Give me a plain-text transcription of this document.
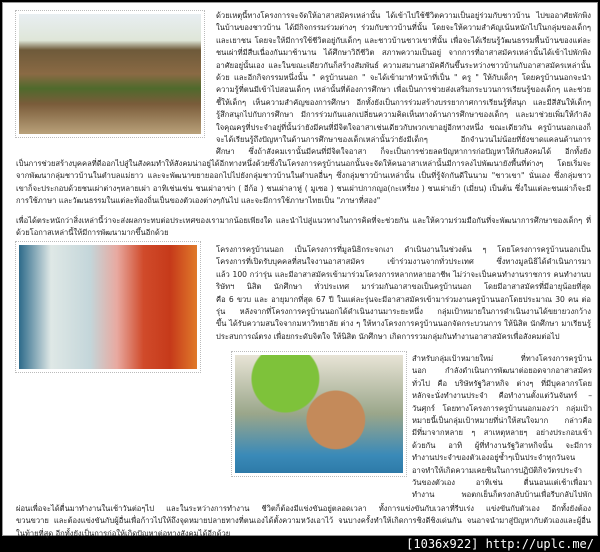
ด้วยเหตุนี้ทางโครงการจะจัดให้อาสาสมัครเหล่านั้น ได้เข้าไปใช้ชีวิตความเป็นอยู่ร่วมกับชาวบ้าน ไปขออาศัยพักพิง
ในบ้านของชาวบ้าน ได้มีกิจกรรมร่วมต่างๆ ร่วมกับชาวบ้านที่นั้น โดยจะให้ความสำคัญเน้นหนักไปในกลุ่มของเด็กๆ
และเยาชน โดยจะให้มีการใช้ชีวิตอยู่กับเด็กๆ และชาวบ้านชาวเขาที่นั้น เพื่อจะได้เรียนรู้วัฒนธรรมพื้นบ้านของแต่ละ
ชนเผ่าที่มีสืบเนื่องกันมาช้านาน ได้ศึกษาวิถีชีวิต สภาพความเป็นอยู่ จากการที่อาสาสมัครเหล่านั้นได้เข้าไปพักพิง
อาศัยอยู่นั้นเอง และในขณะเดียวกันก็สร้างสัมพันธ์ ความสมานสามัคคีกันขึ้นระหว่างชาวบ้านกับอาสาสมัครเหล่านั้น
ด้วย และอีกกิจกรรมหนึ่งนั้น " ครูบ้านนอก " จะได้เข้ามาทำหน้าที่เป็น " ครู " ให้กับเด็กๆ โดยครูบ้านนอกจะนำ
ความรู้ที่ตนมีเข้าไปสอนเด็กๆ เหล่านั้นที่ต้องการศึกษา เพื่อเป็นการช่วยส่งเสริมกระบวนการเรียนรู้ของเด็กๆ และช่วย
ชี้ให้เด็กๆ เห็นความสำคัญของการศึกษา อีกทั้งยังเป็นการร่วมสร้างบรรยากาศการเรียนรู้ที่สนุก และมีสีสันให้เด็กๆ
รู้สึกสนุกไปกับการศึกษา มีการร่วมกันแลกเปลี่ยนความคิดเห็นทางด้านการศึกษาของเด็กๆ และมาช่วยเพิ่มให้กำลัง
ใจคุณครูที่ประจำอยู่ที่นั้นว่ายังมีคนที่มีจิตใจอาสาเช่นเดียวกับพวกเขาอยู่อีกทางหนึ่ง ขณะเดียวกัน ครูบ้านนอกเองก็
จะได้เรียนรู้ถึงปัญหาในด้านการศึกษาของเด็กเหล่านั้นว่ายังมีเด็กๆ อีกจำนวนไม่น้อยที่ยังขาดแคลนด้านการ
ศึกษา ซึ่งถ้าสังคมเรานั้นมีคนที่มีจิตใจอาสา ก็จะเป็นการช่วยลดปัญหาการก่อปัญหาให้กับสังคมได้ อีกทั้งยัง
เป็นการช่วยสร้างบุคคลที่ดีออกไปสู่ในสังคมทำให้สังคมน่าอยู่ได้อีกทางหนึ่งด้วยซึ่งในโครงการครูบ้านนอกนั้นจะจัดให้คนอาสาเหล่านั้นมีการลงไปพัฒนายังพื้นที่ต่างๆ โดยเริ่มจะ
จากพัฒนากลุ่มชาวบ้านในตำบลแม่ยาว และจะพัฒนาขยายออกไปไปยังกลุ่มชาวบ้านในตำบลอื่นๆ ซึ่งกลุ่มชาวบ้านเหล่านั้น เป็นที่รู้จักกันดีในนาม "ชาวเขา" นั่นเอง ซึ่งกลุ่มชาว
เขาก็จะประกอบด้วยชนเผ่าต่างๆหลายเผ่า อาทิเช่นเช่น ชนเผ่าอาข่า ( อีก้อ ) ชนเผ่าลาหู่ ( มูเซอ ) ชนเผ่าปกากญอ(กะเหรี่ยง ) ชนเผ่าเย้า (เมี่ยน) เป็นต้น ซึ่งในแต่ละชนเผ่าก็จะมี
การใช้ภาษา และวัฒนธรรมในแต่ละท้องถิ่นเป็นของตัวเองต่างๆกันไป และจะมีการใช้ภาษาไทยเป็น "ภาษาที่สอง"
เพื่อได้ตระหนักว่าสิ่งเหล่านี้ว่าจะส่งผลกระทบต่อประเทศของเรามากน้อยเพียงใด และนำไปสู่แนวทางในการคิดที่จะช่วยกัน และให้ความร่วมมือกันที่จะพัฒนาการศึกษาของเด็กๆ ที่
ด้วยโอกาสเหล่านี้ให้มีการพัฒนามากขึ้นอีกด้วย
โครงการครูบ้านนอก เป็นโครงการที่มูลนิธิกระจกเงา ดำเนินงานในช่วงต้น ๆ โดยโครงการครูบ้านนอกเป็น
โครงการที่เปิดรับบุคคลที่สนใจงานอาสาสมัคร เข้าร่วมงานจากทั่วประเทศ ซึ่งทางมูลนิธิได้ดำเนินการมา
แล้ว 100 กว่ารุ่น และมีอาสาสมัครเข้ามาร่วมโครงการหลากหลายอาชีพ ไม่ว่าจะเป็นคนทำงานราชการ คนทำงานบ
ริษัทฯ นิสิต นักศึกษา ทั่วประเทศ มาร่วมกันอาสาขอเป็นครูบ้านนอก โดยมีอาสาสมัครที่มีอายุน้อยที่สุด
คือ 6 ขวบ และ อายุมากที่สุด 67 ปี ในแต่ละรุ่นจะมีอาสาสมัครเข้ามาร่วมงานครูบ้านนอกโดยประมาณ 30 คน ต่อ
รุ่น หลังจากที่โครงการครูบ้านนอกได้ดำเนินงานมาระยะหนึ่ง กลุ่มเป้าหมายในการดำเนินงานได้ขยายวงกว้าง
ขึ้น ได้รับความสนใจจากมหาวิทยาลัย ต่าง ๆ ให้ทางโครงการครูบ้านนอกจัดกระบวนการ ให้นิสิต นักศึกษา มาเรียนรู้
ประสบการณ์ตรง เพื่อยกระดับจิตใจ ให้นิสิต นักศึกษา เกิดการรวมกลุ่มกันทำงานอาสาสมัครเพื่อสังคมต่อไป
สำหรับกลุ่มเป้าหมายใหม่ ที่ทางโครงการครูบ้าน
นอก กำลังดำเนินการพัฒนาต่อยอดจากอาสาสมัคร
ทั่วไป คือ บริษัทรัฐวิสาหกิจ ต่างๆ ที่มีบุคลากรโดย
หลักจะนั่งทำงานประจำ คือทำงานตั้งแต่วันจันทร์ –
วันศุกร์ โดยทางโครงการครูบ้านนอกมองว่า กลุ่มเป้า
หมายนี้เป็นกลุ่มเป้าหมายที่น่าให้สนใจมาก กล่าวคือ
มีที่มาจากหลาย ๆ สาเหตุหลายๆ อย่างประกอบเข้า
ด้วยกัน อาทิ ผู้ที่ทำงานรัฐวิสาหกิจนั้น จะมีการ
ทำงานประจำของตัวเองอยู่ซ้ำๆเป็นประจำทุกวันจน
อาจทำให้เกิดความเคยชินในการปฏิบัติกิจวัตรประจำ
วันของตัวเอง อาทิเช่น ตื่นนอนแต่เช้าเพื่อมา
ทำงาน พอตกเย็นก็ตรงกลับบ้านเพื่อรีบกลับไปพัก
ผ่อนเพื่อจะได้ตื่นมาทำงานในเช้าวันต่อๆไป และในระหว่างการทำงาน ชีวิตก็ต้องมีแข่งขันอยู่ตลอดเวลา ทั้งการแข่งขันกับเวลาที่รีบเร่ง แข่งขันกับตัวเอง อีกทั้งยังต้อง
ขวนขวาย และต้องแข่งขันกับผู้อื่นเพื่อก้าวไปให้ถึงจุดหมายปลายทางที่ตนเองได้ตั้งความหวังเอาไว้ จนบางครั้งทำให้เกิดการชิงดีชิงเด่นกัน จนอาจนำมาสู่ปัญหากับตัวเองและผู้อื่น
ในท้ายที่สุด อีกทั้งยังเป็นการก่อให้เกิดปัญหาต่อทางสังคมได้อีกด้วย
[1036x922] http://uplc.me/
